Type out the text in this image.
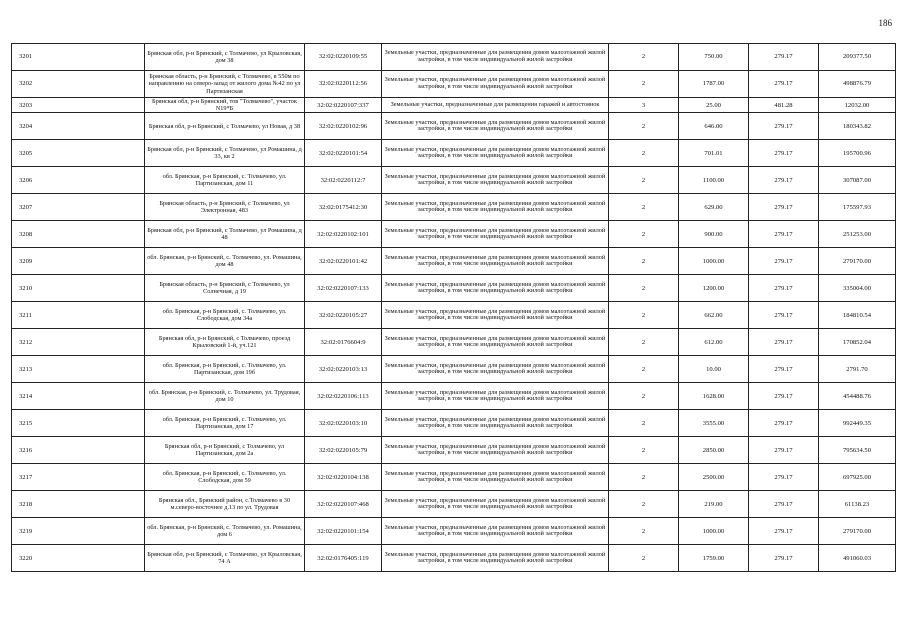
186
3201	Брянская обл, р-н Брянский, с Толмачево, ул Крыловская, дом 38	32:02:0220109:55	Земельные участки, предназначенные для размещения домов малоэтажной жилой застройки, в том числе индивидуальной жилой застройки	2	750.00	279.17	209377.50
3202	Брянская область, р-н Брянский, с Толмачево, в 550м по направлению на северо-запад от жилого дома №42 по ул Партизанская	32:02:0220112:56	Земельные участки, предназначенные для размещения домов малоэтажной жилой застройки, в том числе индивидуальной жилой застройки	2	1787.00	279.17	498876.79
3203	Брянская обл, р-н Брянский, тов "Толмачево", участок N19*Б	32:02:0220107:337	Земельные участки, предназначенные для размещения гаражей и автостоянок	3	25.00	481.28	12032.00
3204	Брянская обл, р-н Брянский, с Толмачево, ул Новая, д 38	32:02:0220102:96	Земельные участки, предназначенные для размещения домов малоэтажной жилой застройки, в том числе индивидуальной жилой застройки	2	646.00	279.17	180343.82
3205	Брянская обл, р-н Брянский, с Толмачево, ул Ромашина, д 33, кв 2	32:02:0220101:54	Земельные участки, предназначенные для размещения домов малоэтажной жилой застройки, в том числе индивидуальной жилой застройки	2	701.01	279.17	195700.96
3206	обл. Брянская, р-н Брянский, с. Толмачево, ул. Партизанская, дом 11	32:02:0220112:7	Земельные участки, предназначенные для размещения домов малоэтажной жилой застройки, в том числе индивидуальной жилой застройки	2	1100.00	279.17	307087.00
3207	Брянская область, р-н Брянский, с Толмачево, ул Электронная, 483	32:02:0175412:30	Земельные участки, предназначенные для размещения домов малоэтажной жилой застройки, в том числе индивидуальной жилой застройки	2	629.00	279.17	175597.93
3208	Брянская обл, р-н Брянский, с Толмачево, ул Ромашина, д 48	32:02:0220102:101	Земельные участки, предназначенные для размещения домов малоэтажной жилой застройки, в том числе индивидуальной жилой застройки	2	900.00	279.17	251253.00
3209	обл. Брянская, р-н Брянский, с. Толмачево, ул. Ромашина, дом 48	32:02:0220101:42	Земельные участки, предназначенные для размещения домов малоэтажной жилой застройки, в том числе индивидуальной жилой застройки	2	1000.00	279.17	279170.00
3210	Брянская область, р-н Брянский, с Толмачево, ул Солнечная, д 19	32:02:0220107:133	Земельные участки, предназначенные для размещения домов малоэтажной жилой застройки, в том числе индивидуальной жилой застройки	2	1200.00	279.17	335004.00
3211	обл. Брянская, р-н Брянский, с. Толмачево, ул. Слободская, дом 34а	32:02:0220105:27	Земельные участки, предназначенные для размещения домов малоэтажной жилой застройки, в том числе индивидуальной жилой застройки	2	662.00	279.17	184810.54
3212	Брянская обл, р-н Брянский, с Толмачево, проезд Крыловский 1-й, уч.121	32:02:0176604:9	Земельные участки, предназначенные для размещения домов малоэтажной жилой застройки, в том числе индивидуальной жилой застройки	2	612.00	279.17	170852.04
3213	обл. Брянская, р-н Брянский, с. Толмачево, ул. Партизанская, дом 19б	32:02:0220103:13	Земельные участки, предназначенные для размещения домов малоэтажной жилой застройки, в том числе индивидуальной жилой застройки	2	10.00	279.17	2791.70
3214	обл. Брянская, р-н Брянский, с. Толмачево, ул. Трудовая, дом 10	32:02:0220106:113	Земельные участки, предназначенные для размещения домов малоэтажной жилой застройки, в том числе индивидуальной жилой застройки	2	1628.00	279.17	454488.76
3215	обл. Брянская, р-н Брянский, с. Толмачево, ул. Партизанская, дом 17	32:02:0220103:10	Земельные участки, предназначенные для размещения домов малоэтажной жилой застройки, в том числе индивидуальной жилой застройки	2	3555.00	279.17	992449.35
3216	Брянская обл, р-н Брянский, с Толмачево, ул Партизанская, дом 2а	32:02:0220105:79	Земельные участки, предназначенные для размещения домов малоэтажной жилой застройки, в том числе индивидуальной жилой застройки	2	2850.00	279.17	795634.50
3217	обл. Брянская, р-н Брянский, с. Толмачево, ул. Слободская, дом 59	32:02:0220104:138	Земельные участки, предназначенные для размещения домов малоэтажной жилой застройки, в том числе индивидуальной жилой застройки	2	2500.00	279.17	697925.00
3218	Брянская обл., Брянский район, с.Толмачево в 30 м.северо-восточнее д.13 по ул. Трудовая	32:02:0220107:468	Земельные участки, предназначенные для размещения домов малоэтажной жилой застройки, в том числе индивидуальной жилой застройки	2	219.00	279.17	61138.23
3219	обл. Брянская, р-н Брянский, с. Толмачево, ул. Ромашина, дом 6	32:02:0220101:154	Земельные участки, предназначенные для размещения домов малоэтажной жилой застройки, в том числе индивидуальной жилой застройки	2	1000.00	279.17	279170.00
3220	Брянская обл, р-н Брянский, с Толмачево, ул Крыловская, 74 А	32:02:0176405:119	Земельные участки, предназначенные для размещения домов малоэтажной жилой застройки, в том числе индивидуальной жилой застройки	2	1759.00	279.17	491060.03
